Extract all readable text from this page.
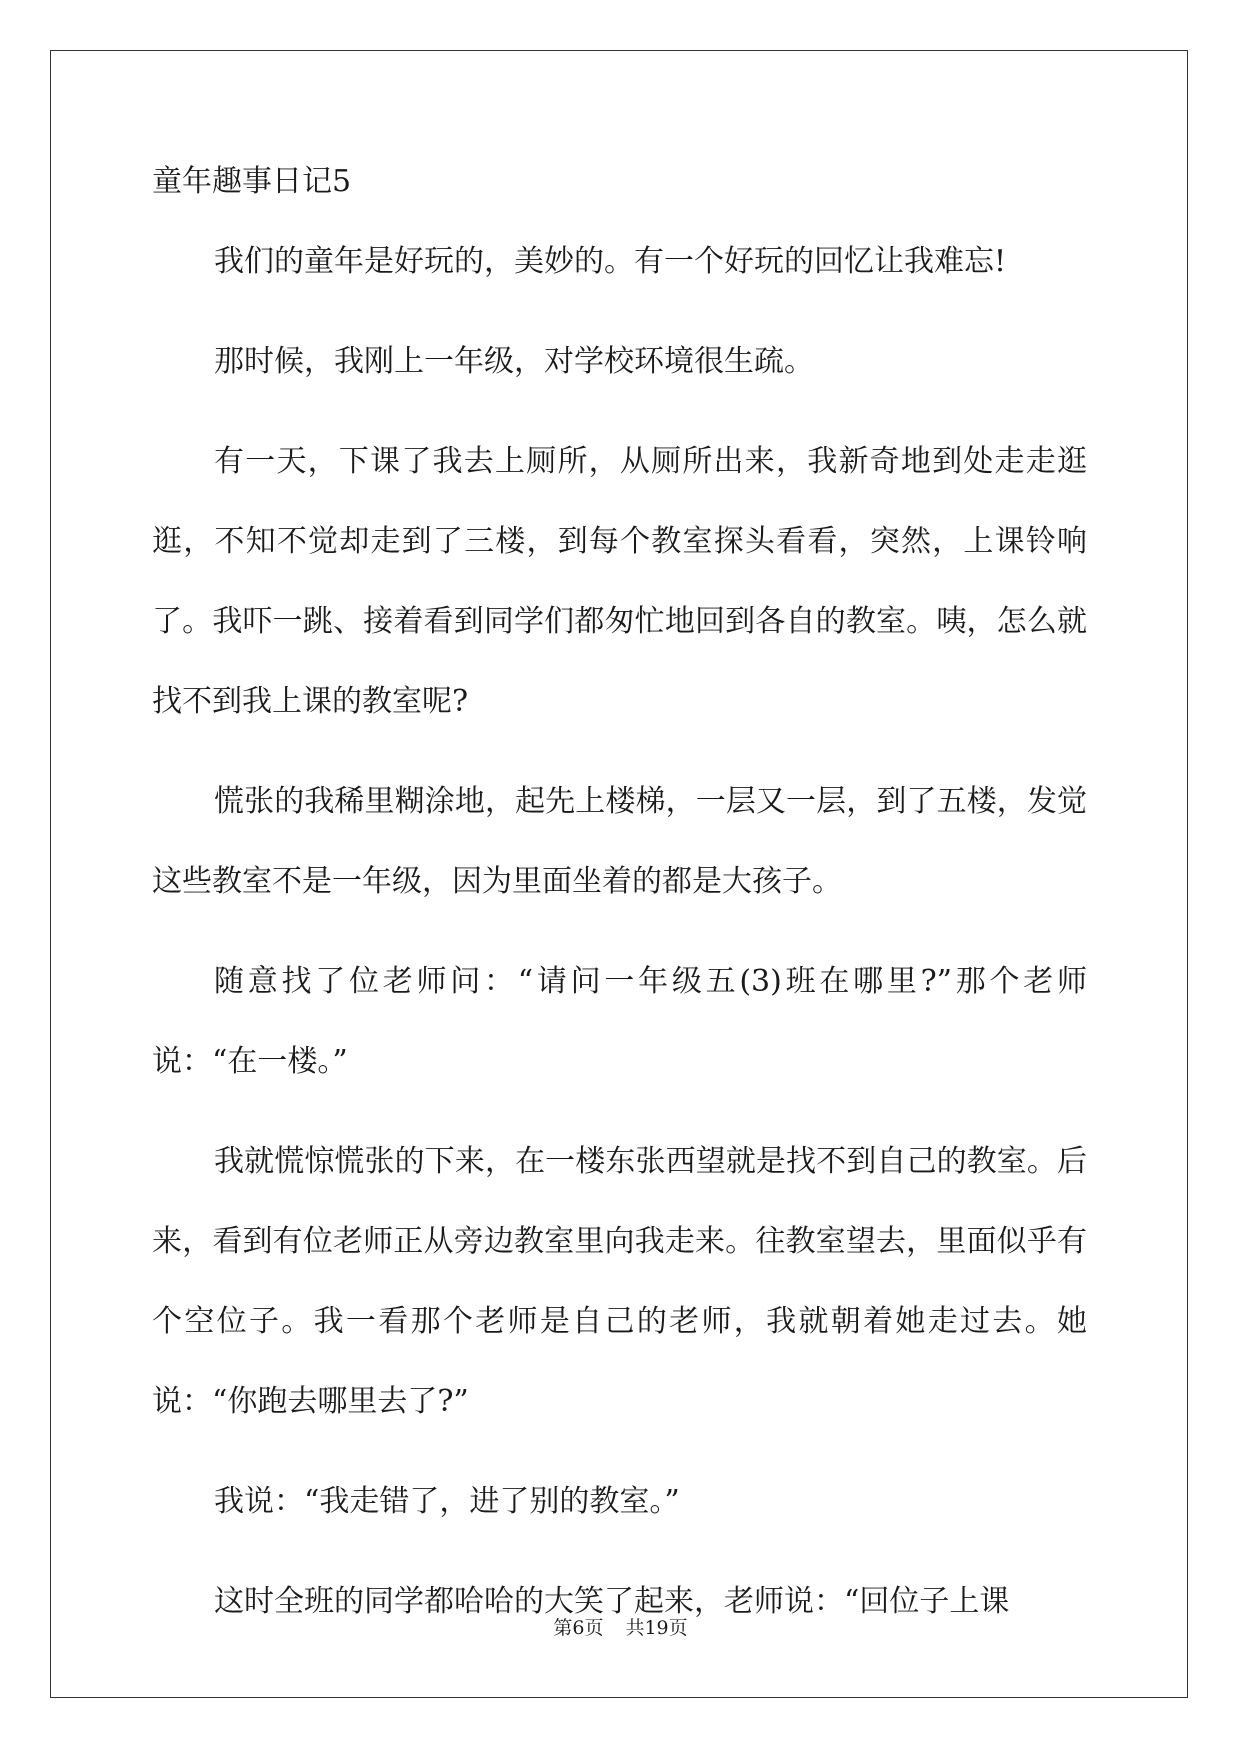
童年趣事日记5

我们的童年是好玩的，美妙的。有一个好玩的回忆让我难忘!

那时候，我刚上一年级，对学校环境很生疏。

有一天，下课了我去上厕所，从厕所出来，我新奇地到处走走逛逛，不知不觉却走到了三楼，到每个教室探头看看，突然，上课铃响了。我吓一跳、接着看到同学们都匆忙地回到各自的教室。咦，怎么就找不到我上课的教室呢?

慌张的我稀里糊涂地，起先上楼梯，一层又一层，到了五楼，发觉这些教室不是一年级，因为里面坐着的都是大孩子。

随意找了位老师问：“请问一年级五(3)班在哪里?”那个老师说：“在一楼。”

我就慌惊慌张的下来，在一楼东张西望就是找不到自己的教室。后来，看到有位老师正从旁边教室里向我走来。往教室望去，里面似乎有个空位子。我一看那个老师是自己的老师，我就朝着她走过去。她说：“你跑去哪里去了?”

我说：“我走错了，进了别的教室。”

这时全班的同学都哈哈的大笑了起来，老师说：“回位子上课

第6页 共19页
